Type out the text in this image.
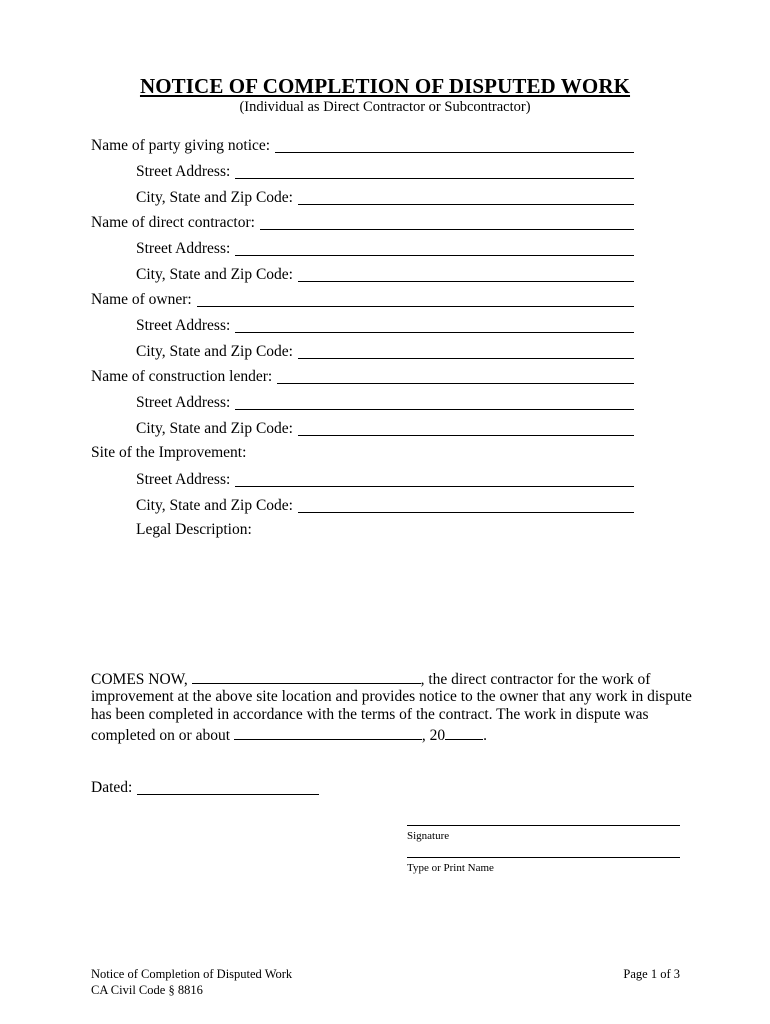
NOTICE OF COMPLETION OF DISPUTED WORK
(Individual as Direct Contractor or Subcontractor)
Name of party giving notice:
Street Address:
City, State and Zip Code:
Name of direct contractor:
Street Address:
City, State and Zip Code:
Name of owner:
Street Address:
City, State and Zip Code:
Name of construction lender:
Street Address:
City, State and Zip Code:
Site of the Improvement:
Street Address:
City, State and Zip Code:
Legal Description:
COMES NOW,	, the direct contractor for the work of
improvement at the above site location and provides notice to the owner that any work in dispute
has been completed in accordance with the terms of the contract. The work in dispute was
completed on or about	, 20 .
Dated:
Signature
Type or Print Name
Notice of Completion of Disputed Work
CA Civil Code § 8816
Page 1 of 3
